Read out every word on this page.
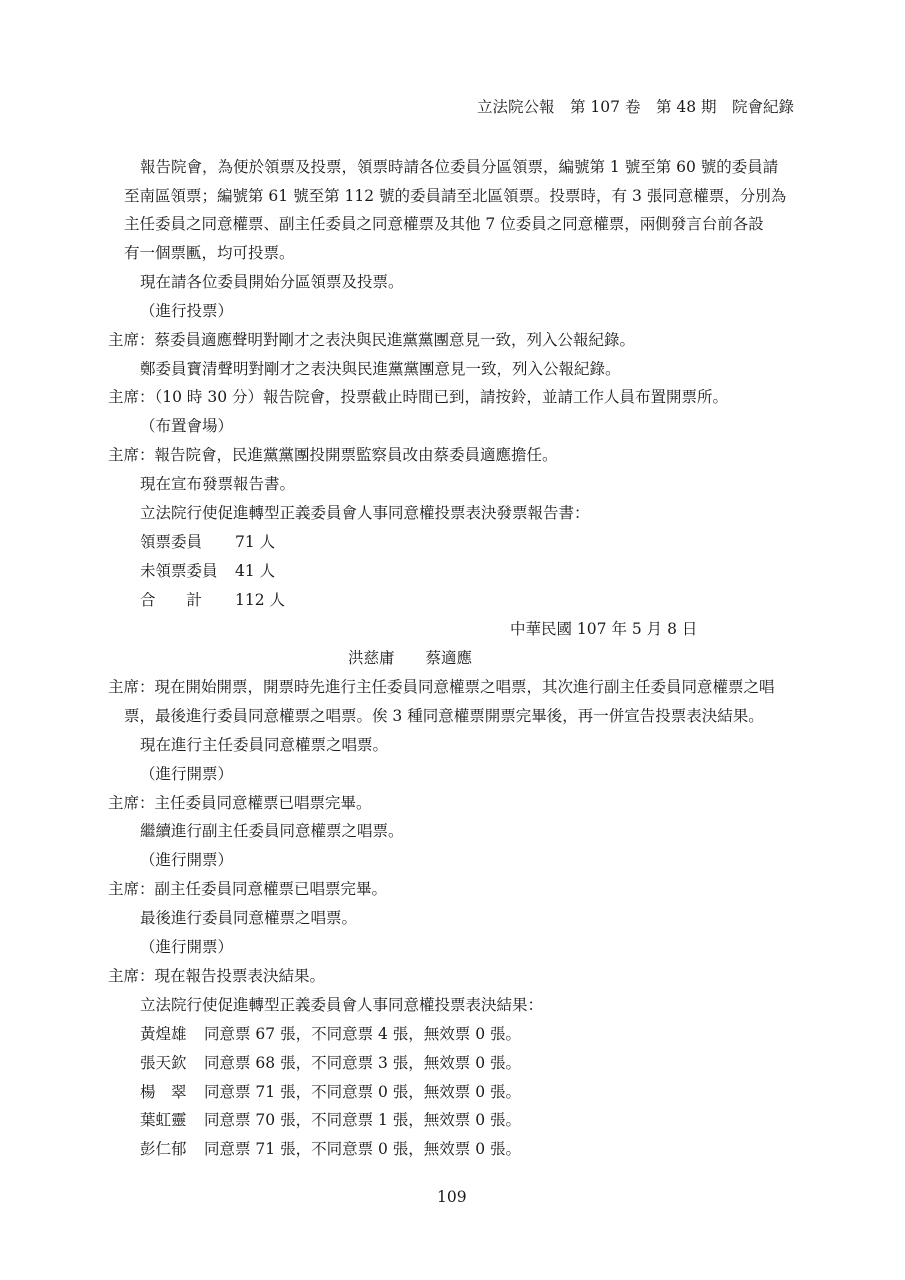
立法院公報　第 107 卷　第 48 期　院會紀錄
報告院會，為便於領票及投票，領票時請各位委員分區領票，編號第 1 號至第 60 號的委員請
至南區領票；編號第 61 號至第 112 號的委員請至北區領票。投票時，有 3 張同意權票，分別為
主任委員之同意權票、副主任委員之同意權票及其他 7 位委員之同意權票，兩側發言台前各設
有一個票匭，均可投票。
現在請各位委員開始分區領票及投票。
（進行投票）
主席：蔡委員適應聲明對剛才之表決與民進黨黨團意見一致，列入公報紀錄。
鄭委員寶清聲明對剛才之表決與民進黨黨團意見一致，列入公報紀錄。
主席：（10 時 30 分）報告院會，投票截止時間已到，請按鈴，並請工作人員布置開票所。
（布置會場）
主席：報告院會，民進黨黨團投開票監察員改由蔡委員適應擔任。
現在宣布發票報告書。
立法院行使促進轉型正義委員會人事同意權投票表決發票報告書：
領票委員 71 人
未領票委員 41 人
合　　計 112 人
中華民國 107 年 5 月 8 日
洪慈庸　　蔡適應
主席：現在開始開票，開票時先進行主任委員同意權票之唱票，其次進行副主任委員同意權票之唱
票，最後進行委員同意權票之唱票。俟 3 種同意權票開票完畢後，再一併宣告投票表決結果。
現在進行主任委員同意權票之唱票。
（進行開票）
主席：主任委員同意權票已唱票完畢。
繼續進行副主任委員同意權票之唱票。
（進行開票）
主席：副主任委員同意權票已唱票完畢。
最後進行委員同意權票之唱票。
（進行開票）
主席：現在報告投票表決結果。
立法院行使促進轉型正義委員會人事同意權投票表決結果：
黃煌雄 同意票 67 張，不同意票 4 張，無效票 0 張。
張天欽 同意票 68 張，不同意票 3 張，無效票 0 張。
楊　翠 同意票 71 張，不同意票 0 張，無效票 0 張。
葉虹靈 同意票 70 張，不同意票 1 張，無效票 0 張。
彭仁郁 同意票 71 張，不同意票 0 張，無效票 0 張。
109
